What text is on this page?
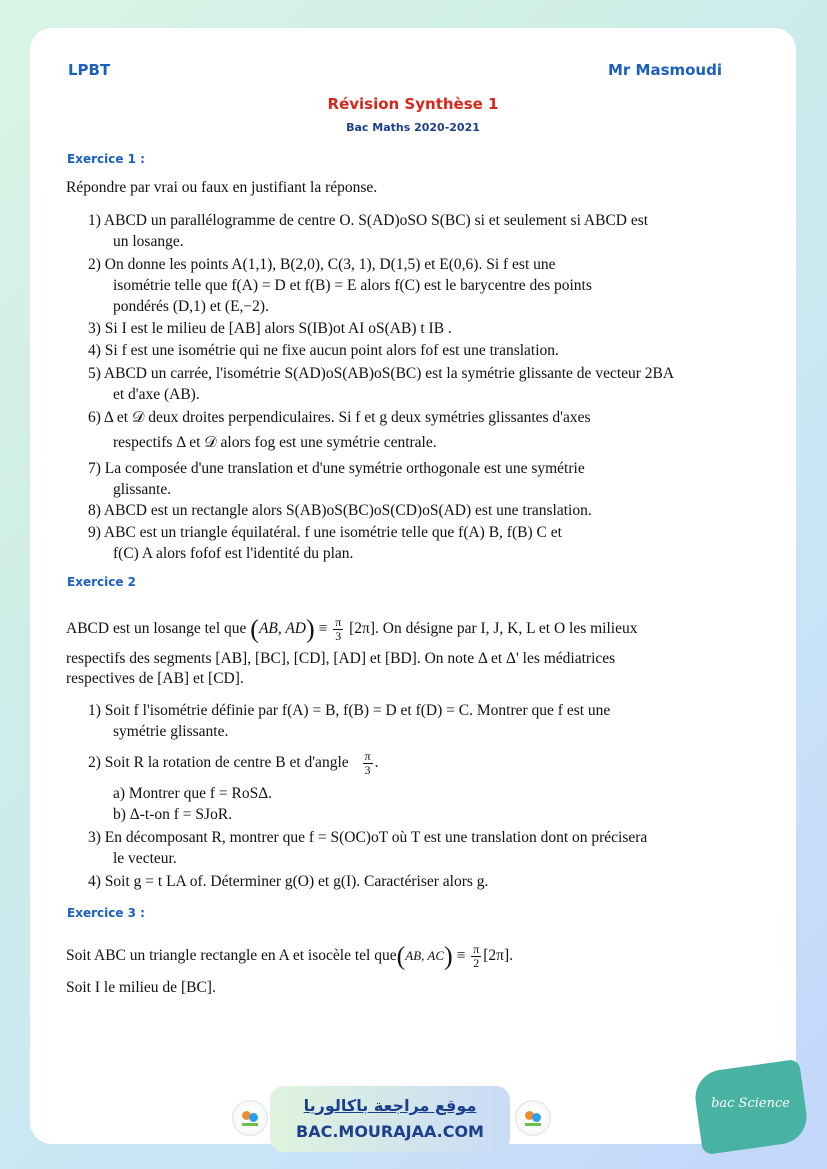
LPBT	Mr Masmoudi
Révision Synthèse 1
Bac Maths 2020-2021
Exercice 1 :
Répondre par vrai ou faux en justifiant la réponse.
1) ABCD un parallélogramme de centre O. S(AD)oSO S(BC) si et seulement si ABCD est
un losange.
2) On donne les points A(1,1), B(2,0), C(3, 1), D(1,5) et E(0,6). Si f est une
isométrie telle que f(A) = D et f(B) = E alors f(C) est le barycentre des points
pondérés (D,1) et (E,−2).
3) Si I est le milieu de [AB] alors S(IB)ot AI oS(AB) t IB .
4) Si f est une isométrie qui ne fixe aucun point alors fof est une translation.
5) ABCD un carrée, l'isométrie S(AD)oS(AB)oS(BC) est la symétrie glissante de vecteur 2BA
et d'axe (AB).
6) Δ et 𝒟 deux droites perpendiculaires. Si f et g deux symétries glissantes d'axes
respectifs Δ et 𝒟 alors fog est une symétrie centrale.
7) La composée d'une translation et d'une symétrie orthogonale est une symétrie
glissante.
8) ABCD est un rectangle alors S(AB)oS(BC)oS(CD)oS(AD) est une translation.
9) ABC est un triangle équilatéral. f une isométrie telle que f(A) B, f(B) C et
f(C) A alors fofof est l'identité du plan.
Exercice 2
ABCD est un losange tel que (AB, $AD) \equiv \frac{\pi}{3} [2\pi]$. On désigne par I, J, K, L et O les milieux
respectifs des segments [AB], [BC], [CD], [AD] et [BD]. On note Δ et Δ' les médiatrices
respectives de [AB] et [CD].
1) Soit f l'isométrie définie par f(A) = B, f(B) = D et f(D) = C. Montrer que f est une
symétrie glissante.
2) Soit R la rotation de centre B et d'angle $\frac{\pi}{3}$ .
a) Montrer que f = RoSΔ.
b) Δ-t-on f = SJoR.
3) En décomposant R, montrer que f = S(OC)oT où T est une translation dont on précisera
le vecteur.
4) Soit g = t LA of. Déterminer g(O) et g(I). Caractériser alors g.
Exercice 3 :
Soit ABC un triangle rectangle en A et isocèle tel que(AB, $AC) \equiv \frac{\pi}{2} [2\pi]$.
Soit I le milieu de [BC].
موقع مراجعة باكالوريا
BAC.MOURAJAA.COM
bac Science
